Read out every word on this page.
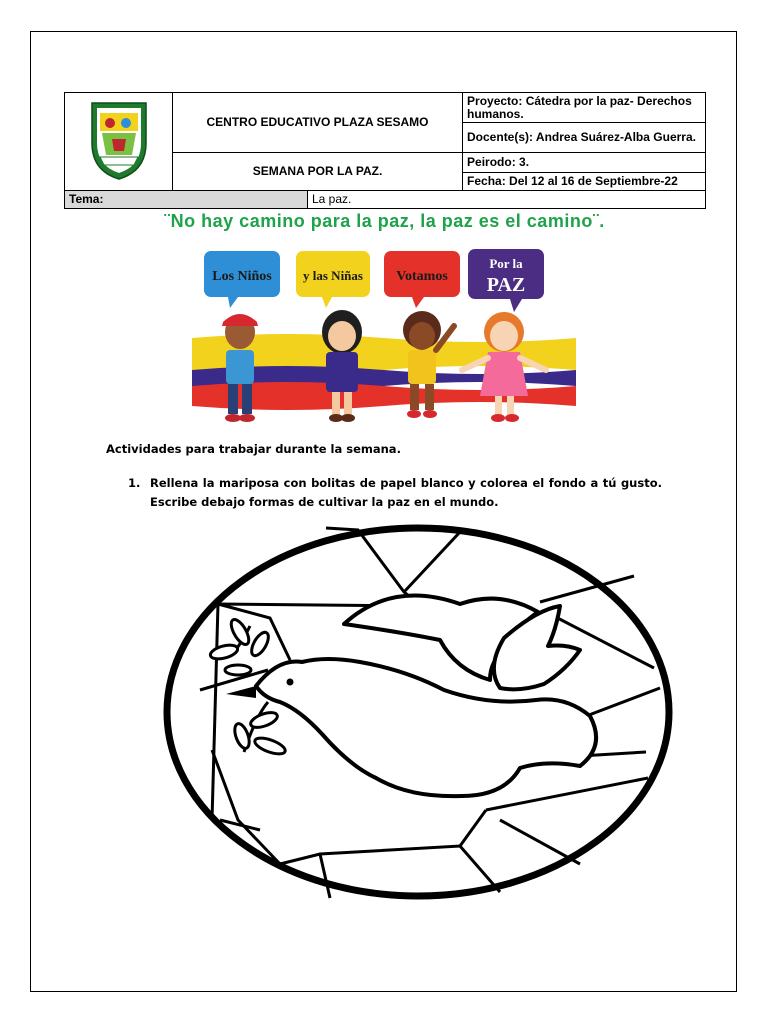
	CENTRO EDUCATIVO PLAZA SESAMO		Proyecto: Cátedra por la paz- Derechos humanos.
			Docente(s): Andrea Suárez-Alba Guerra.
	SEMANA POR LA PAZ.		Peirodo: 3.
			Fecha: Del 12 al 16 de Septiembre-22
Tema:		La paz.	
¨No hay camino para la paz, la paz es el camino¨.
Los Niños y las Niñas Votamos
Por la
PAZ
Actividades para trabajar durante la semana.
1. Rellena la mariposa con bolitas de papel blanco y colorea el fondo a tú gusto. Escribe debajo formas de cultivar la paz en el mundo.
